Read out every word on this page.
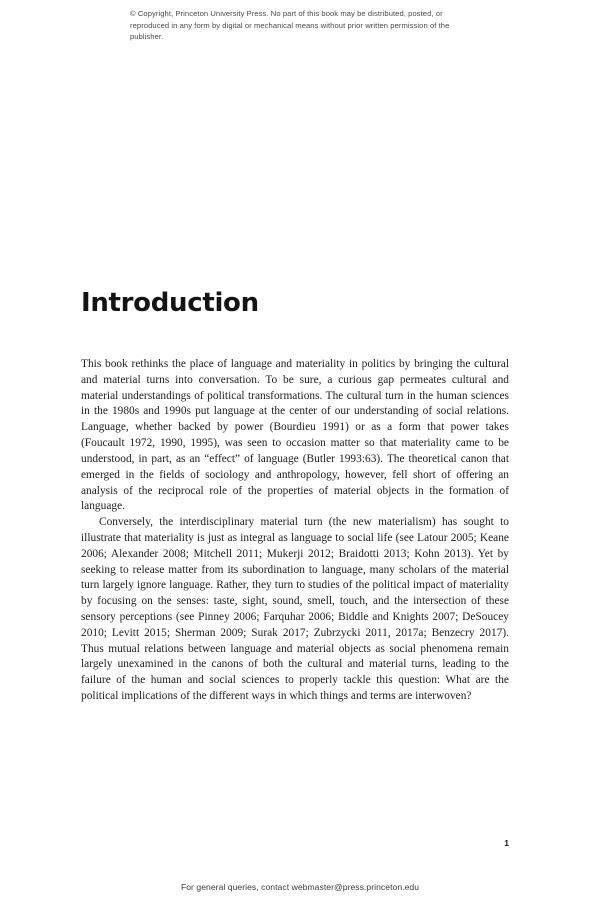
© Copyright, Princeton University Press. No part of this book may be distributed, posted, or reproduced in any form by digital or mechanical means without prior written permission of the publisher.
Introduction

This book rethinks the place of language and materiality in politics by bringing the cultural and material turns into conversation. To be sure, a curious gap permeates cultural and material understandings of political transformations. The cultural turn in the human sciences in the 1980s and 1990s put language at the center of our understanding of social relations. Language, whether backed by power (Bourdieu 1991) or as a form that power takes (Foucault 1972, 1990, 1995), was seen to occasion matter so that materiality came to be understood, in part, as an “effect” of language (Butler 1993:63). The theoretical canon that emerged in the fields of sociology and anthropology, however, fell short of offering an analysis of the reciprocal role of the properties of material objects in the formation of language.

Conversely, the interdisciplinary material turn (the new materialism) has sought to illustrate that materiality is just as integral as language to social life (see Latour 2005; Keane 2006; Alexander 2008; Mitchell 2011; Mukerji 2012; Braidotti 2013; Kohn 2013). Yet by seeking to release matter from its subordination to language, many scholars of the material turn largely ignore language. Rather, they turn to studies of the political impact of materiality by focusing on the senses: taste, sight, sound, smell, touch, and the intersection of these sensory perceptions (see Pinney 2006; Farquhar 2006; Biddle and Knights 2007; DeSoucey 2010; Levitt 2015; Sherman 2009; Surak 2017; Zubrzycki 2011, 2017a; Benzecry 2017). Thus mutual relations between language and material objects as social phenomena remain largely unexamined in the canons of both the cultural and material turns, leading to the failure of the human and social sciences to properly tackle this question: What are the political implications of the different ways in which things and terms are interwoven?

1
For general queries, contact webmaster@press.princeton.edu
